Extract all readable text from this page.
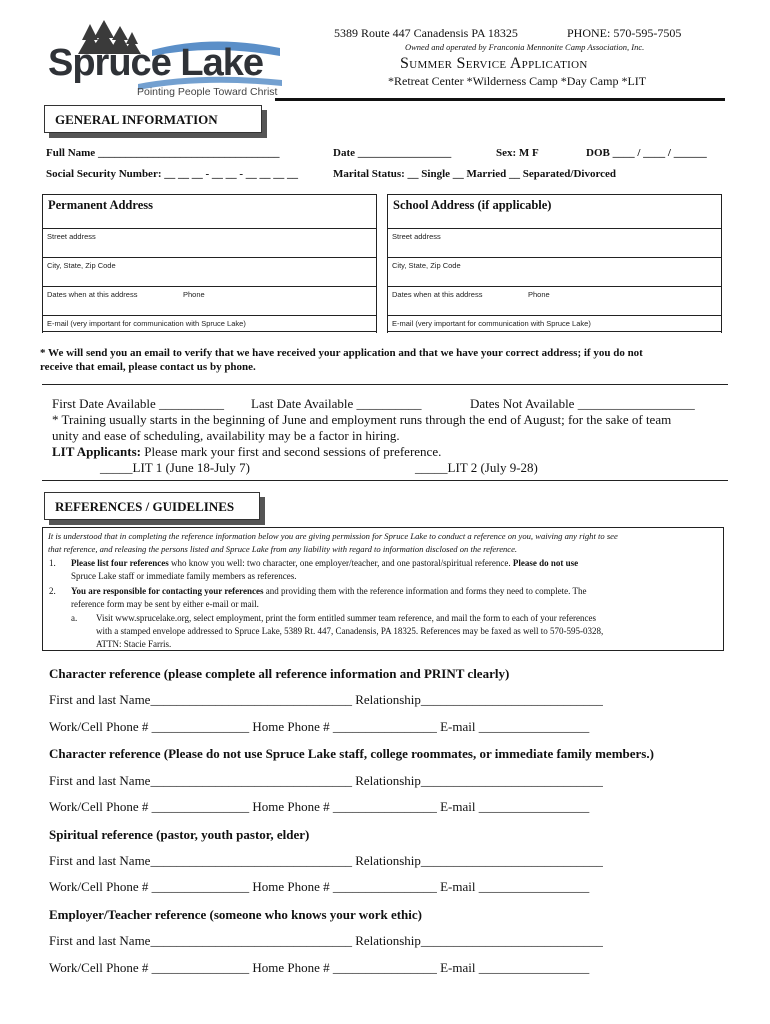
Spruce Lake
Pointing People Toward Christ
5389 Route 447 Canadensis PA 18325	PHONE: 570-595-7505
Owned and operated by Franconia Mennonite Camp Association, Inc.
Summer Service Application
*Retreat Center *Wilderness Camp *Day Camp *LIT
GENERAL INFORMATION
Full Name _________________________________	Date _________________	Sex: M F	DOB ____ / ____ / ______
Social Security Number: __ __ __ - __ __ - __ __ __ __	Marital Status: __ Single __ Married __ Separated/Divorced
Permanent Address
Street address
City, State, Zip Code
Dates when at this address	Phone
E-mail (very important for communication with Spruce Lake)
School Address (if applicable)
Street address
City, State, Zip Code
Dates when at this address	Phone
E-mail (very important for communication with Spruce Lake)
* We will send you an email to verify that we have received your application and that we have your correct address; if you do not
receive that email, please contact us by phone.
First Date Available __________ Last Date Available __________	Dates Not Available __________________
* Training usually starts in the beginning of June and employment runs through the end of August; for the sake of team
unity and ease of scheduling, availability may be a factor in hiring.
LIT Applicants: Please mark your first and second sessions of preference.
_____LIT 1 (June 18-July 7)	_____LIT 2 (July 9-28)
REFERENCES / GUIDELINES
It is understood that in completing the reference information below you are giving permission for Spruce Lake to conduct a reference on you, waiving any right to see
that reference, and releasing the persons listed and Spruce Lake from any liability with regard to information disclosed on the reference.
1. Please list four references who know you well: two character, one employer/teacher, and one pastoral/spiritual reference. Please do not use
Spruce Lake staff or immediate family members as references.
2. You are responsible for contacting your references and providing them with the reference information and forms they need to complete. The
reference form may be sent by either e-mail or mail.
a. Visit www.sprucelake.org, select employment, print the form entitled summer team reference, and mail the form to each of your references
with a stamped envelope addressed to Spruce Lake, 5389 Rt. 447, Canadensis, PA 18325. References may be faxed as well to 570-595-0328,
ATTN: Stacie Farris.
Character reference (please complete all reference information and PRINT clearly)
First and last Name_______________________________ Relationship____________________________
Work/Cell Phone # _______________ Home Phone # ________________ E-mail _________________
Character reference (Please do not use Spruce Lake staff, college roommates, or immediate family members.)
First and last Name_______________________________ Relationship____________________________
Work/Cell Phone # _______________ Home Phone # ________________ E-mail _________________
Spiritual reference (pastor, youth pastor, elder)
First and last Name_______________________________ Relationship____________________________
Work/Cell Phone # _______________ Home Phone # ________________ E-mail _________________
Employer/Teacher reference (someone who knows your work ethic)
First and last Name_______________________________ Relationship____________________________
Work/Cell Phone # _______________ Home Phone # ________________ E-mail _________________
